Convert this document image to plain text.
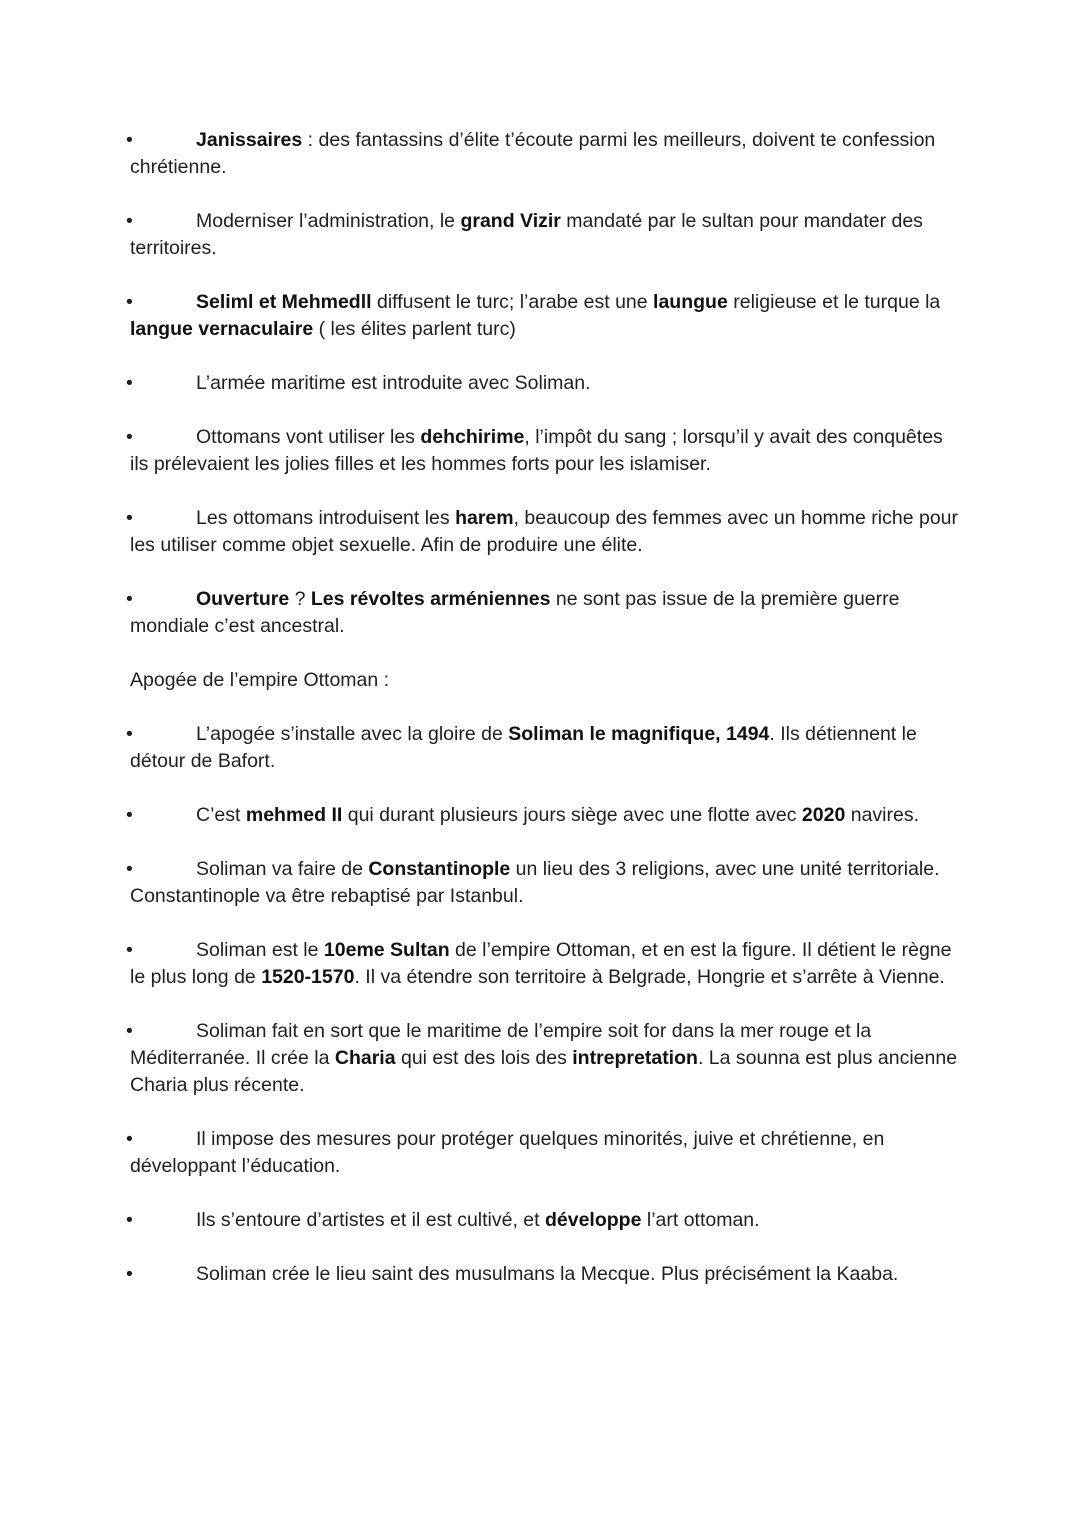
•	Janissaires : des fantassins d’élite t’écoute parmi les meilleurs, doivent te confession chrétienne.
•	Moderniser l’administration, le grand Vizir mandaté par le sultan pour mandater des territoires.
•	Seliml et Mehmedll diffusent le turc; l’arabe est une laungue religieuse et le turque la langue vernaculaire ( les élites parlent turc)
•	L’armée maritime est introduite avec Soliman.
•	Ottomans vont utiliser les dehchirime, l’impôt du sang ; lorsqu’il y avait des conquêtes ils prélevaient les jolies filles et les hommes forts pour les islamiser.
•	Les ottomans introduisent les harem, beaucoup des femmes avec un homme riche pour les utiliser comme objet sexuelle. Afin de produire une élite.
•	Ouverture ? Les révoltes arméniennes ne sont pas issue de la première guerre mondiale c’est ancestral.
Apogée de l’empire Ottoman :
•	L’apogée s’installe avec la gloire de Soliman le magnifique, 1494. Ils détiennent le détour de Bafort.
•	C’est mehmed II qui durant plusieurs jours siège avec une flotte avec 2020 navires.
•	Soliman va faire de Constantinople un lieu des 3 religions, avec une unité territoriale. Constantinople va être rebaptisé par Istanbul.
•	Soliman est le 10eme Sultan de l’empire Ottoman, et en est la figure. Il détient le règne le plus long de 1520-1570. Il va étendre son territoire à Belgrade, Hongrie et s’arrête à Vienne.
•	Soliman fait en sort que le maritime de l’empire soit for dans la mer rouge et la Méditerranée. Il crée la Charia qui est des lois des intrepretation. La sounna est plus ancienne Charia plus récente.
•	Il impose des mesures pour protéger quelques minorités, juive et chrétienne, en développant l’éducation.
•	Ils s’entoure d’artistes et il est cultivé, et développe l’art ottoman.
•	Soliman crée le lieu saint des musulmans la Mecque. Plus précisément la Kaaba.
